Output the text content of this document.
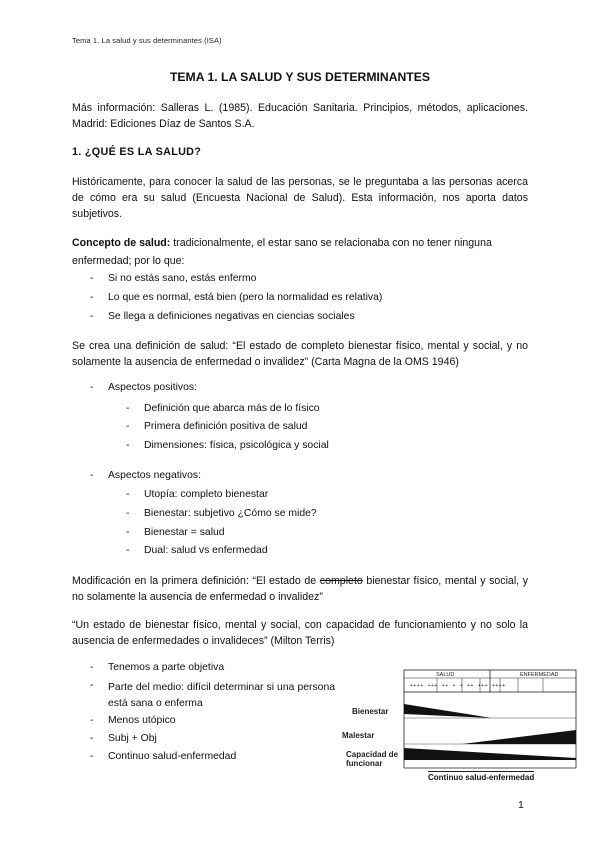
Tema 1. La salud y sus determinantes (ISA)
TEMA 1. LA SALUD Y SUS DETERMINANTES
Más información: Salleras L. (1985). Educación Sanitaria. Principios, métodos, aplicaciones. Madrid: Ediciones Díaz de Santos S.A.
1. ¿QUÉ ES LA SALUD?
Históricamente, para conocer la salud de las personas, se le preguntaba a las personas acerca de cómo era su salud (Encuesta Nacional de Salud). Esta información, nos aporta datos subjetivos.
Concepto de salud: tradicionalmente, el estar sano se relacionaba con no tener ninguna
enfermedad; por lo que:
- Si no estás sano, estás enfermo
- Lo que es normal, está bien (pero la normalidad es relativa)
- Se llega a definiciones negativas en ciencias sociales
Se crea una definición de salud: “El estado de completo bienestar físico, mental y social, y no solamente la ausencia de enfermedad o invalidez” (Carta Magna de la OMS 1946)
- Aspectos positivos:
- Definición que abarca más de lo físico
- Primera definición positiva de salud
- Dimensiones: física, psicológica y social
- Aspectos negativos:
- Utopía: completo bienestar
- Bienestar: subjetivo ¿Cómo se mide?
- Bienestar = salud
- Dual: salud vs enfermedad
Modificación en la primera definición: “El estado de completo bienestar físico, mental y social, y no solamente la ausencia de enfermedad o invalidez”
“Un estado de bienestar físico, mental y social, con capacidad de funcionamiento y no solo la ausencia de enfermedades o invalideces” (Milton Terris)
- Tenemos a parte objetiva
- Parte del medio: difícil determinar si una persona está sana o enferma
- Menos utópico
- Subj + Obj
- Continuo salud-enfermedad
SALUD	ENFERMEDAD
++++ +++ ++ + + ++ +++ ++++
Bienestar
Malestar
Capacidad de funcionar
Continuo salud-enfermedad
1
